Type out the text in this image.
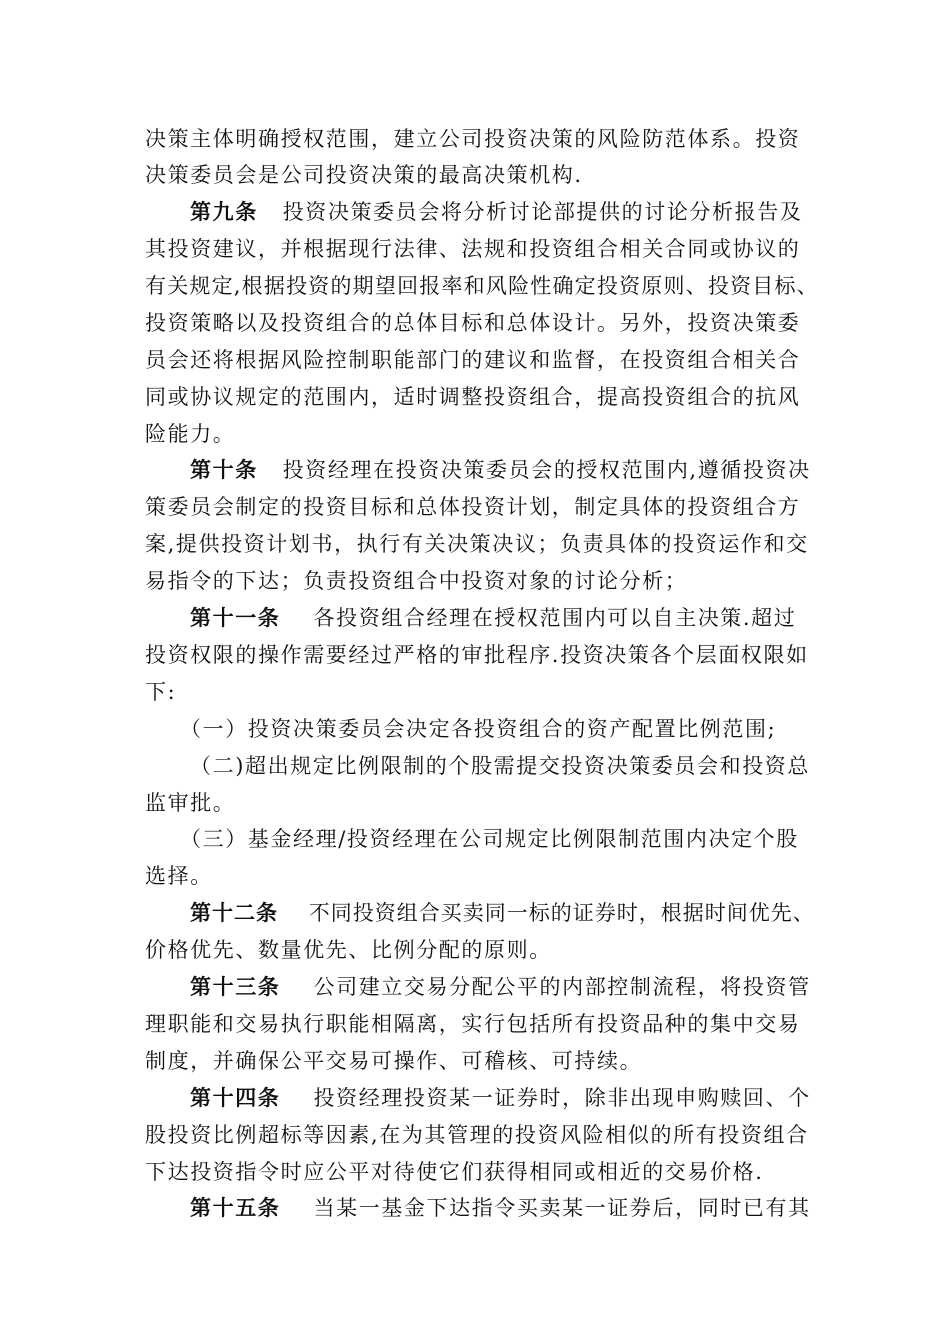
决策主体明确授权范围，建立公司投资决策的风险防范体系。投资
决策委员会是公司投资决策的最高决策机构.
第九条   投资决策委员会将分析讨论部提供的讨论分析报告及
其投资建议，并根据现行法律、法规和投资组合相关合同或协议的
有关规定,根据投资的期望回报率和风险性确定投资原则、投资目标、
投资策略以及投资组合的总体目标和总体设计。另外，投资决策委
员会还将根据风险控制职能部门的建议和监督，在投资组合相关合
同或协议规定的范围内，适时调整投资组合，提高投资组合的抗风
险能力。
第十条   投资经理在投资决策委员会的授权范围内,遵循投资决
策委员会制定的投资目标和总体投资计划，制定具体的投资组合方
案,提供投资计划书，执行有关决策决议；负责具体的投资运作和交
易指令的下达；负责投资组合中投资对象的讨论分析；
第十一条    各投资组合经理在授权范围内可以自主决策.超过
投资权限的操作需要经过严格的审批程序.投资决策各个层面权限如
下:
（一）投资决策委员会决定各投资组合的资产配置比例范围;
（二)超出规定比例限制的个股需提交投资决策委员会和投资总
监审批。
（三）基金经理/投资经理在公司规定比例限制范围内决定个股
选择。
第十二条    不同投资组合买卖同一标的证券时，根据时间优先、
价格优先、数量优先、比例分配的原则。
第十三条    公司建立交易分配公平的内部控制流程，将投资管
理职能和交易执行职能相隔离，实行包括所有投资品种的集中交易
制度，并确保公平交易可操作、可稽核、可持续。
第十四条    投资经理投资某一证券时，除非出现申购赎回、个
股投资比例超标等因素,在为其管理的投资风险相似的所有投资组合
下达投资指令时应公平对待使它们获得相同或相近的交易价格.
第十五条    当某一基金下达指令买卖某一证券后，同时已有其
